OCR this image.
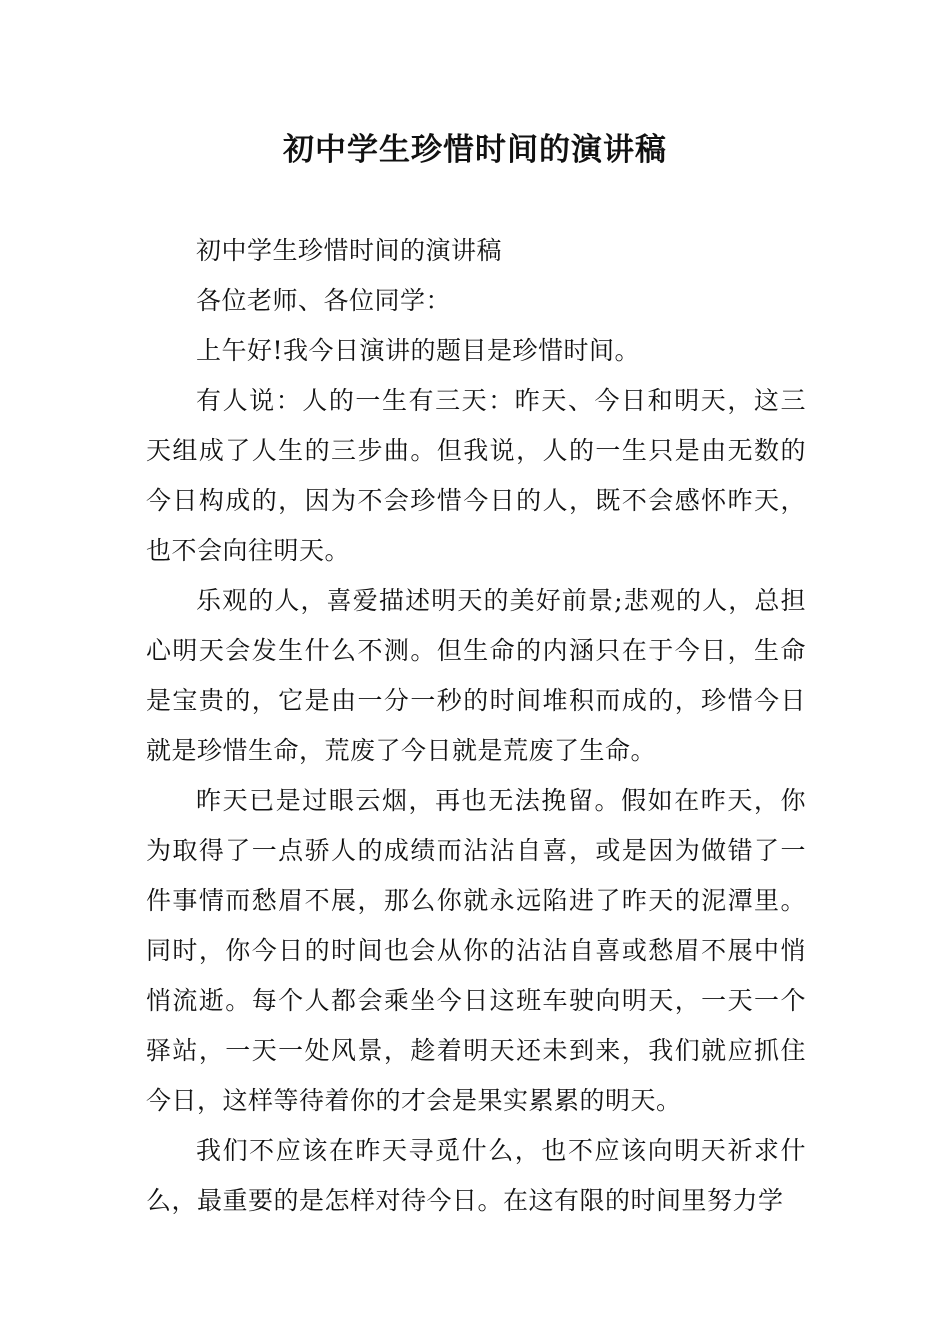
初中学生珍惜时间的演讲稿

初中学生珍惜时间的演讲稿

各位老师、各位同学：

上午好!我今日演讲的题目是珍惜时间。

有人说：人的一生有三天：昨天、今日和明天，这三天组成了人生的三步曲。但我说，人的一生只是由无数的今日构成的，因为不会珍惜今日的人，既不会感怀昨天，也不会向往明天。

乐观的人，喜爱描述明天的美好前景;悲观的人，总担心明天会发生什么不测。但生命的内涵只在于今日，生命是宝贵的，它是由一分一秒的时间堆积而成的，珍惜今日就是珍惜生命，荒废了今日就是荒废了生命。

昨天已是过眼云烟，再也无法挽留。假如在昨天，你为取得了一点骄人的成绩而沾沾自喜，或是因为做错了一件事情而愁眉不展，那么你就永远陷进了昨天的泥潭里。同时，你今日的时间也会从你的沾沾自喜或愁眉不展中悄悄流逝。每个人都会乘坐今日这班车驶向明天，一天一个驿站，一天一处风景，趁着明天还未到来，我们就应抓住今日，这样等待着你的才会是果实累累的明天。

我们不应该在昨天寻觅什么，也不应该向明天祈求什么，最重要的是怎样对待今日。在这有限的时间里努力学
